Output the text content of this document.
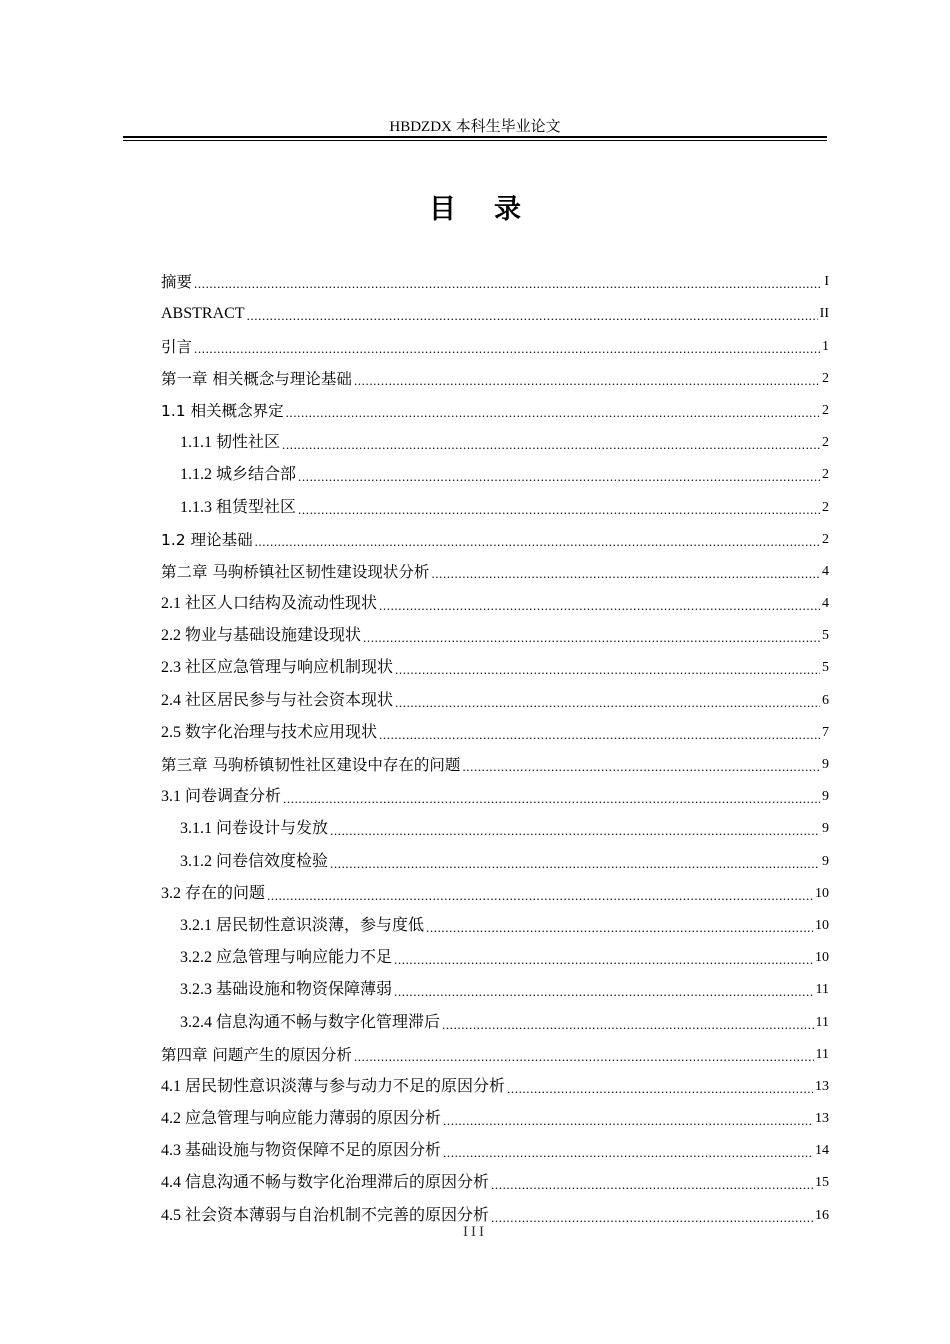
HBDZDX 本科生毕业论文
目录
摘要 .....	I
ABSTRACT .....	II
引言 .....	1
第一章 相关概念与理论基础 .....	2
1.1 相关概念界定 .....	2
1.1.1 韧性社区 .....	2
1.1.2 城乡结合部 .....	2
1.1.3 租赁型社区 .....	2
1.2 理论基础 .....	2
第二章 马驹桥镇社区韧性建设现状分析 .....	4
2.1 社区人口结构及流动性现状 .....	4
2.2 物业与基础设施建设现状 .....	5
2.3 社区应急管理与响应机制现状 .....	5
2.4 社区居民参与与社会资本现状 .....	6
2.5 数字化治理与技术应用现状 .....	7
第三章 马驹桥镇韧性社区建设中存在的问题 .....	9
3.1 问卷调查分析 .....	9
3.1.1 问卷设计与发放 .....	9
3.1.2 问卷信效度检验 .....	9
3.2 存在的问题 .....	10
3.2.1 居民韧性意识淡薄，参与度低 .....	10
3.2.2 应急管理与响应能力不足 .....	10
3.2.3 基础设施和物资保障薄弱 .....	11
3.2.4 信息沟通不畅与数字化管理滞后 .....	11
第四章 问题产生的原因分析 .....	11
4.1 居民韧性意识淡薄与参与动力不足的原因分析 .....	13
4.2 应急管理与响应能力薄弱的原因分析 .....	13
4.3 基础设施与物资保障不足的原因分析 .....	14
4.4 信息沟通不畅与数字化治理滞后的原因分析 .....	15
4.5 社会资本薄弱与自治机制不完善的原因分析 .....	16
III
